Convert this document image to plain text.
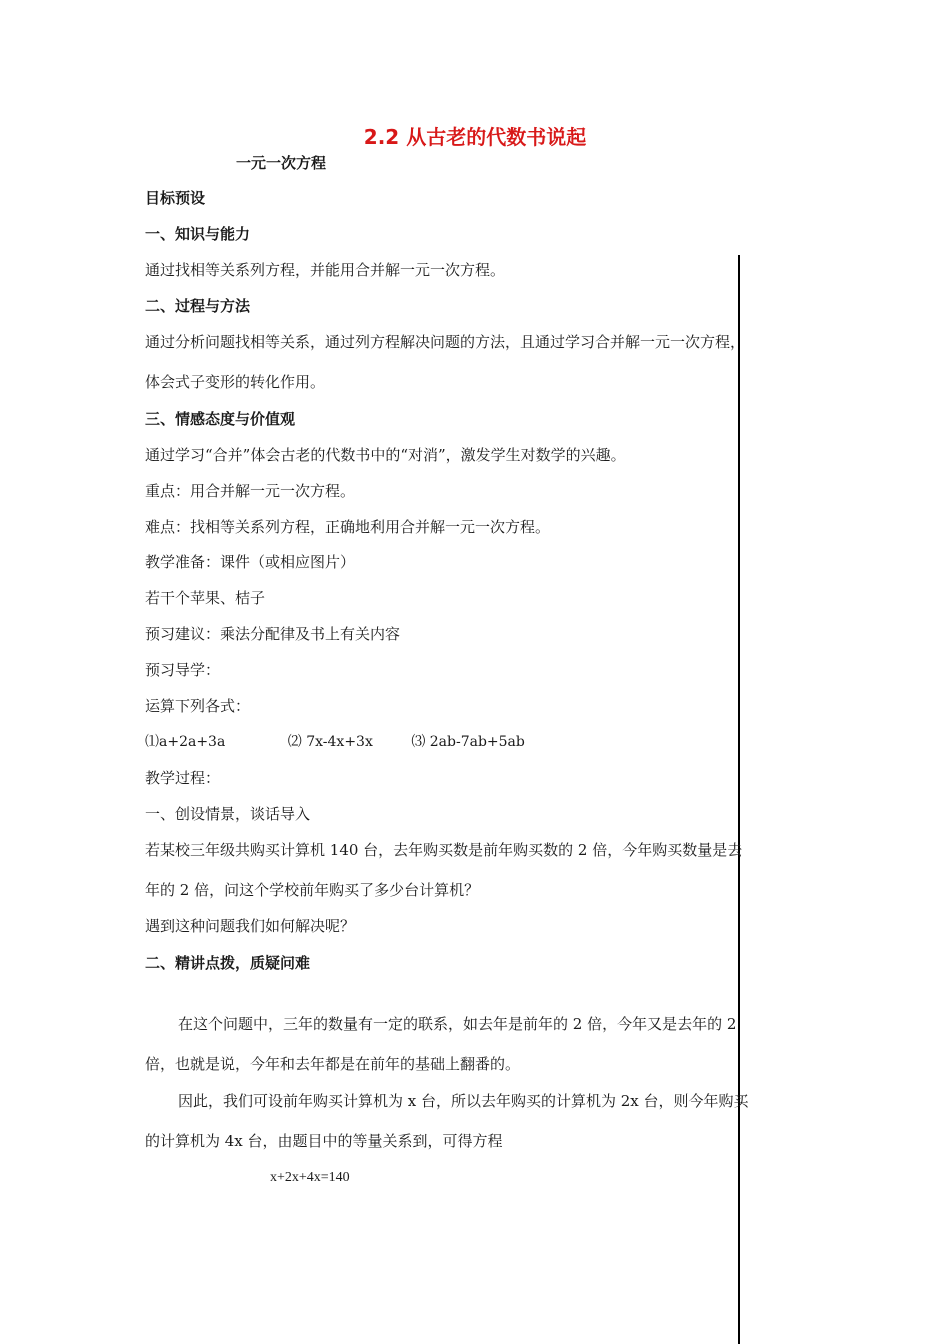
2.2 从古老的代数书说起
一元一次方程
目标预设
一、知识与能力
通过找相等关系列方程，并能用合并解一元一次方程。
二、过程与方法
通过分析问题找相等关系，通过列方程解决问题的方法，且通过学习合并解一元一次方程，
体会式子变形的转化作用。
三、情感态度与价值观
通过学习“合并”体会古老的代数书中的“对消”，激发学生对数学的兴趣。
重点：用合并解一元一次方程。
难点：找相等关系列方程，正确地利用合并解一元一次方程。
教学准备：课件（或相应图片）
若干个苹果、桔子
预习建议：乘法分配律及书上有关内容
预习导学：
运算下列各式：
⑴a+2a+3a	⑵ 7x-4x+3x	⑶ 2ab-7ab+5ab
教学过程：
一、创设情景，谈话导入
若某校三年级共购买计算机 140 台，去年购买数是前年购买数的 2 倍，今年购买数量是去
年的 2 倍，问这个学校前年购买了多少台计算机？
遇到这种问题我们如何解决呢？
二、精讲点拨，质疑问难
在这个问题中，三年的数量有一定的联系，如去年是前年的 2 倍，今年又是去年的 2
倍，也就是说，今年和去年都是在前年的基础上翻番的。
因此，我们可设前年购买计算机为 x 台，所以去年购买的计算机为 2x 台，则今年购买
的计算机为 4x 台，由题目中的等量关系到，可得方程
x+2x+4x=140
